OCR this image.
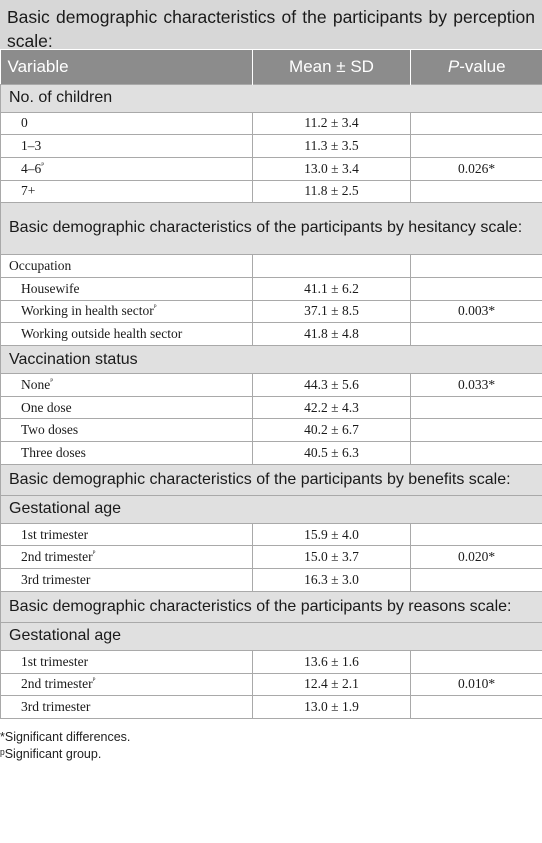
Basic demographic characteristics of the participants by perception scale:
Variable	Mean ± SD	P-value
No. of children		
0	11.2 ± 3.4	
1–3	11.3 ± 3.5	
$4-6^ᵖ$	13.0 ± 3.4	0.026*
7+	11.8 ± 2.5	
Basic demographic characteristics of the participants by hesitancy scale:		
Occupation		
Housewife	41.1 ± 6.2	
Working in health sector$^ᵖ$	37.1 ± 8.5	0.003*
Working outside health sector	41.8 ± 4.8	
Vaccination status		
None$^ᵖ$	44.3 ± 5.6	0.033*
One dose	42.2 ± 4.3	
Two doses	40.2 ± 6.7	
Three doses	40.5 ± 6.3	
Basic demographic characteristics of the participants by benefits scale:		
Gestational age		
1st trimester	15.9 ± 4.0	
2nd trimester$^ᵖ$	15.0 ± 3.7	0.020*
3rd trimester	16.3 ± 3.0	
Basic demographic characteristics of the participants by reasons scale:		
Gestational age		
1st trimester	13.6 ± 1.6	
2nd trimester$^ᵖ$	12.4 ± 2.1	0.010*
3rd trimester	13.0 ± 1.9	
*Significant differences.
ᵖSignificant group.
